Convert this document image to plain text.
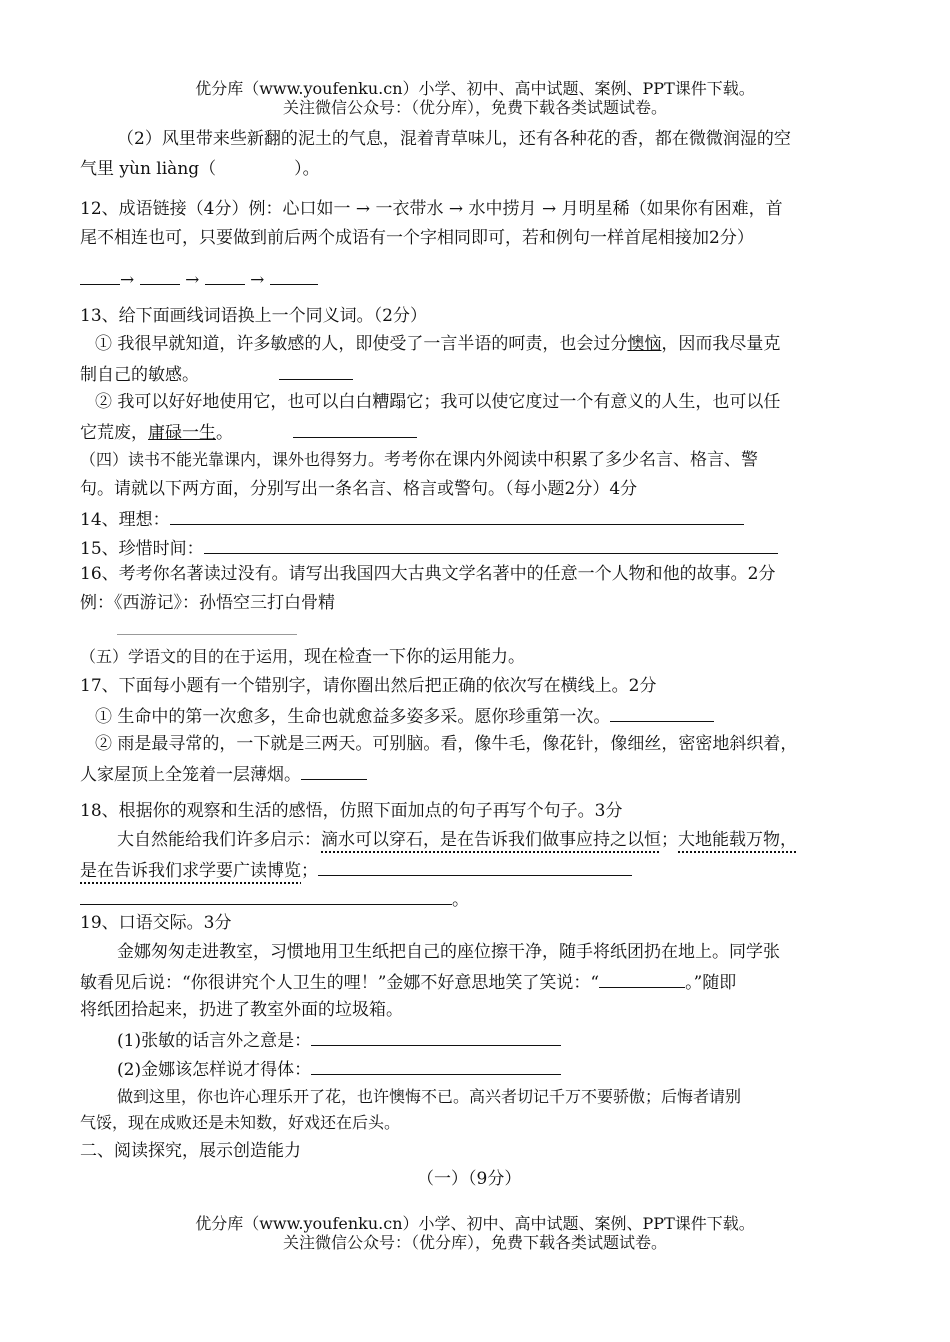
优分库（www.youfenku.cn）小学、初中、高中试题、案例、PPT课件下载。
关注微信公众号：（优分库），免费下载各类试题试卷。
（2）风里带来些新翻的泥土的气息，混着青草味儿，还有各种花的香，都在微微润湿的空
气里 yùn liàng（	）。
12、成语链接（4分）例：心口如一 → 一衣带水 → 水中捞月 → 月明星稀（如果你有困难，首
尾不相连也可，只要做到前后两个成语有一个字相同即可，若和例句一样首尾相接加2分）
→	→	→
13、给下面画线词语换上一个同义词。（2分）
① 我很早就知道，许多敏感的人，即使受了一言半语的呵责，也会过分懊恼，因而我尽量克
制自己的敏感。
② 我可以好好地使用它，也可以白白糟蹋它；我可以使它度过一个有意义的人生，也可以任
它荒废，庸碌一生。
（四）读书不能光靠课内，课外也得努力。考考你在课内外阅读中积累了多少名言、格言、警
句。请就以下两方面，分别写出一条名言、格言或警句。（每小题2分）4分
14、理想：
15、珍惜时间：
16、考考你名著读过没有。请写出我国四大古典文学名著中的任意一个人物和他的故事。2分
例：《西游记》：孙悟空三打白骨精
（五）学语文的目的在于运用，现在检查一下你的运用能力。
17、下面每小题有一个错别字，请你圈出然后把正确的依次写在横线上。2分
① 生命中的第一次愈多，生命也就愈益多姿多采。愿你珍重第一次。
② 雨是最寻常的，一下就是三两天。可别脑。看，像牛毛，像花针，像细丝，密密地斜织着，
人家屋顶上全笼着一层薄烟。
18、根据你的观察和生活的感悟，仿照下面加点的句子再写个句子。3分
大自然能给我们许多启示：滴水可以穿石，是在告诉我们做事应持之以恒；大地能载万物，
是在告诉我们求学要广读博览；
。
19、口语交际。3分
金娜匆匆走进教室，习惯地用卫生纸把自己的座位擦干净，随手将纸团扔在地上。同学张
敏看见后说：“你很讲究个人卫生的哩！”金娜不好意思地笑了笑说：“	。”随即
将纸团拾起来，扔进了教室外面的垃圾箱。
(1)张敏的话言外之意是：
(2)金娜该怎样说才得体：
做到这里，你也许心理乐开了花，也许懊悔不已。高兴者切记千万不要骄傲；后悔者请别
气馁，现在成败还是未知数，好戏还在后头。
二、阅读探究，展示创造能力
（一）（9分）
优分库（www.youfenku.cn）小学、初中、高中试题、案例、PPT课件下载。
关注微信公众号：（优分库），免费下载各类试题试卷。
